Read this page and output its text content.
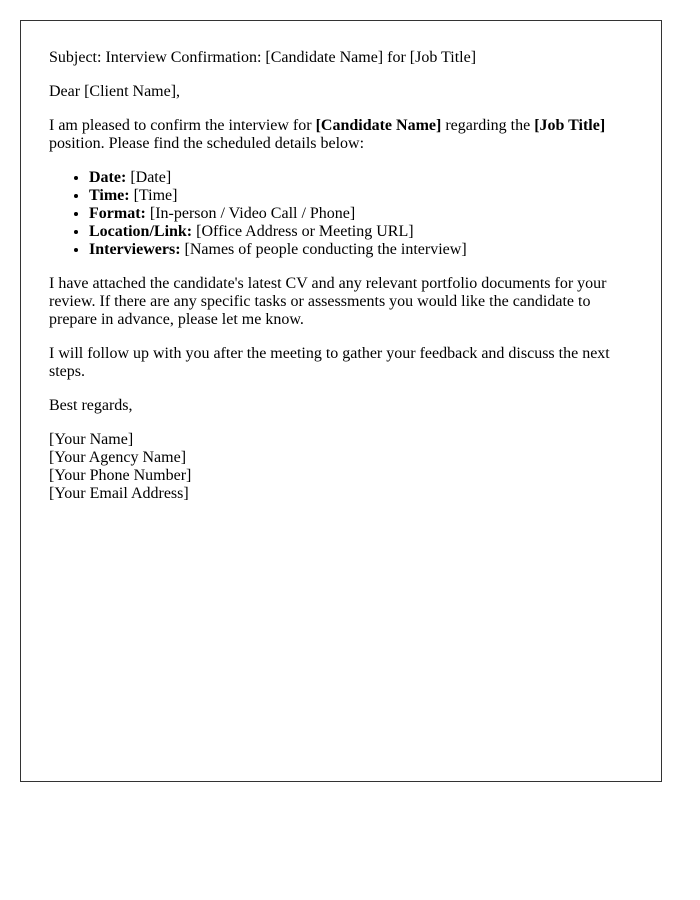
Subject: Interview Confirmation: [Candidate Name] for [Job Title]

Dear [Client Name],

I am pleased to confirm the interview for [Candidate Name] regarding the [Job Title] position. Please find the scheduled details below:

• Date: [Date]
• Time: [Time]
• Format: [In-person / Video Call / Phone]
• Location/Link: [Office Address or Meeting URL]
• Interviewers: [Names of people conducting the interview]

I have attached the candidate's latest CV and any relevant portfolio documents for your review. If there are any specific tasks or assessments you would like the candidate to prepare in advance, please let me know.

I will follow up with you after the meeting to gather your feedback and discuss the next steps.

Best regards,

[Your Name]
[Your Agency Name]
[Your Phone Number]
[Your Email Address]
